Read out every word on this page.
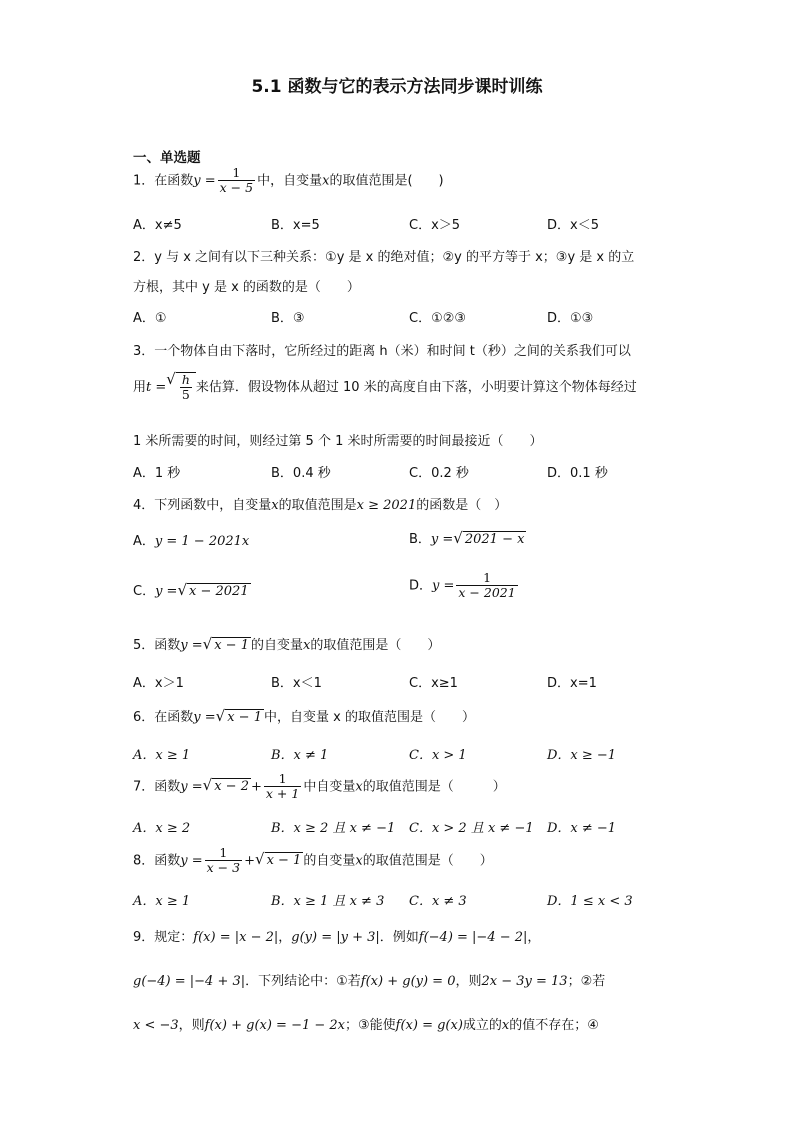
5.1 函数与它的表示方法同步课时训练
一、单选题
1．在函数$y = \frac{1}{x - 5}$ 中，自变量x的取值范围是(　　)
A．x≠5	B．x=5	C．x＞5	D．x＜5
2．y 与 x 之间有以下三种关系：①y 是 x 的绝对值；②y 的平方等于 x；③y 是 x 的立
方根，其中 y 是 x 的函数的是（　　）
A．①	B．③	C．①②③	D．①③
3．一个物体自由下落时，它所经过的距离 h（米）和时间 t（秒）之间的关系我们可以
用t = √ $\frac{h}{5}$ 来估算．假设物体从超过 10 米的高度自由下落，小明要计算这个物体每经过
1 米所需要的时间，则经过第 5 个 1 米时所需要的时间最接近（　　）
A．1 秒	B．0.4 秒	C．0.2 秒	D．0.1 秒
4．下列函数中，自变量x的取值范围是x ≥ 2021的函数是（　）
A．y = 1 − 2021x	B．y = √ 2021 − x
C．y = √ x − 2021	D．$y = \frac{1}{x - 2021}$
5．函数y = √ x − 1 的自变量x的取值范围是（　　）
A．x＞1	B．x＜1	C．x≥1	D．x=1
6．在函数y = √ x − 1 中，自变量 x 的取值范围是（　　）
A．x ≥ 1	B．x ≠ 1	C．x > 1	D．x ≥ −1
7．函数y = √ $x - 2 + \frac{1}{x + 1}$ 中自变量x的取值范围是（　　　）
A．x ≥ 2	B．x ≥ 2 且 x ≠ −1 C．x > 2 且 x ≠ −1 D．x ≠ −1
8．函数$y = \frac{1}{x - 3}$ + √ x − 1 的自变量x的取值范围是（　　）
A．x ≥ 1	B．x ≥ 1 且 x ≠ 3 C．x ≠ 3	D．1 ≤ x < 3
9．规定：f(x) = |x − 2|，g(y) = |y + 3|．例如f(−4) = |−4 − 2|，
g(−4) = |−4 + 3|．下列结论中：①若f(x) + g(y) = 0，则2x − 3y = 13；②若
x < −3，则f(x) + g(x) = −1 − 2x；③能使f(x) = g(x)成立的x的值不存在；④
